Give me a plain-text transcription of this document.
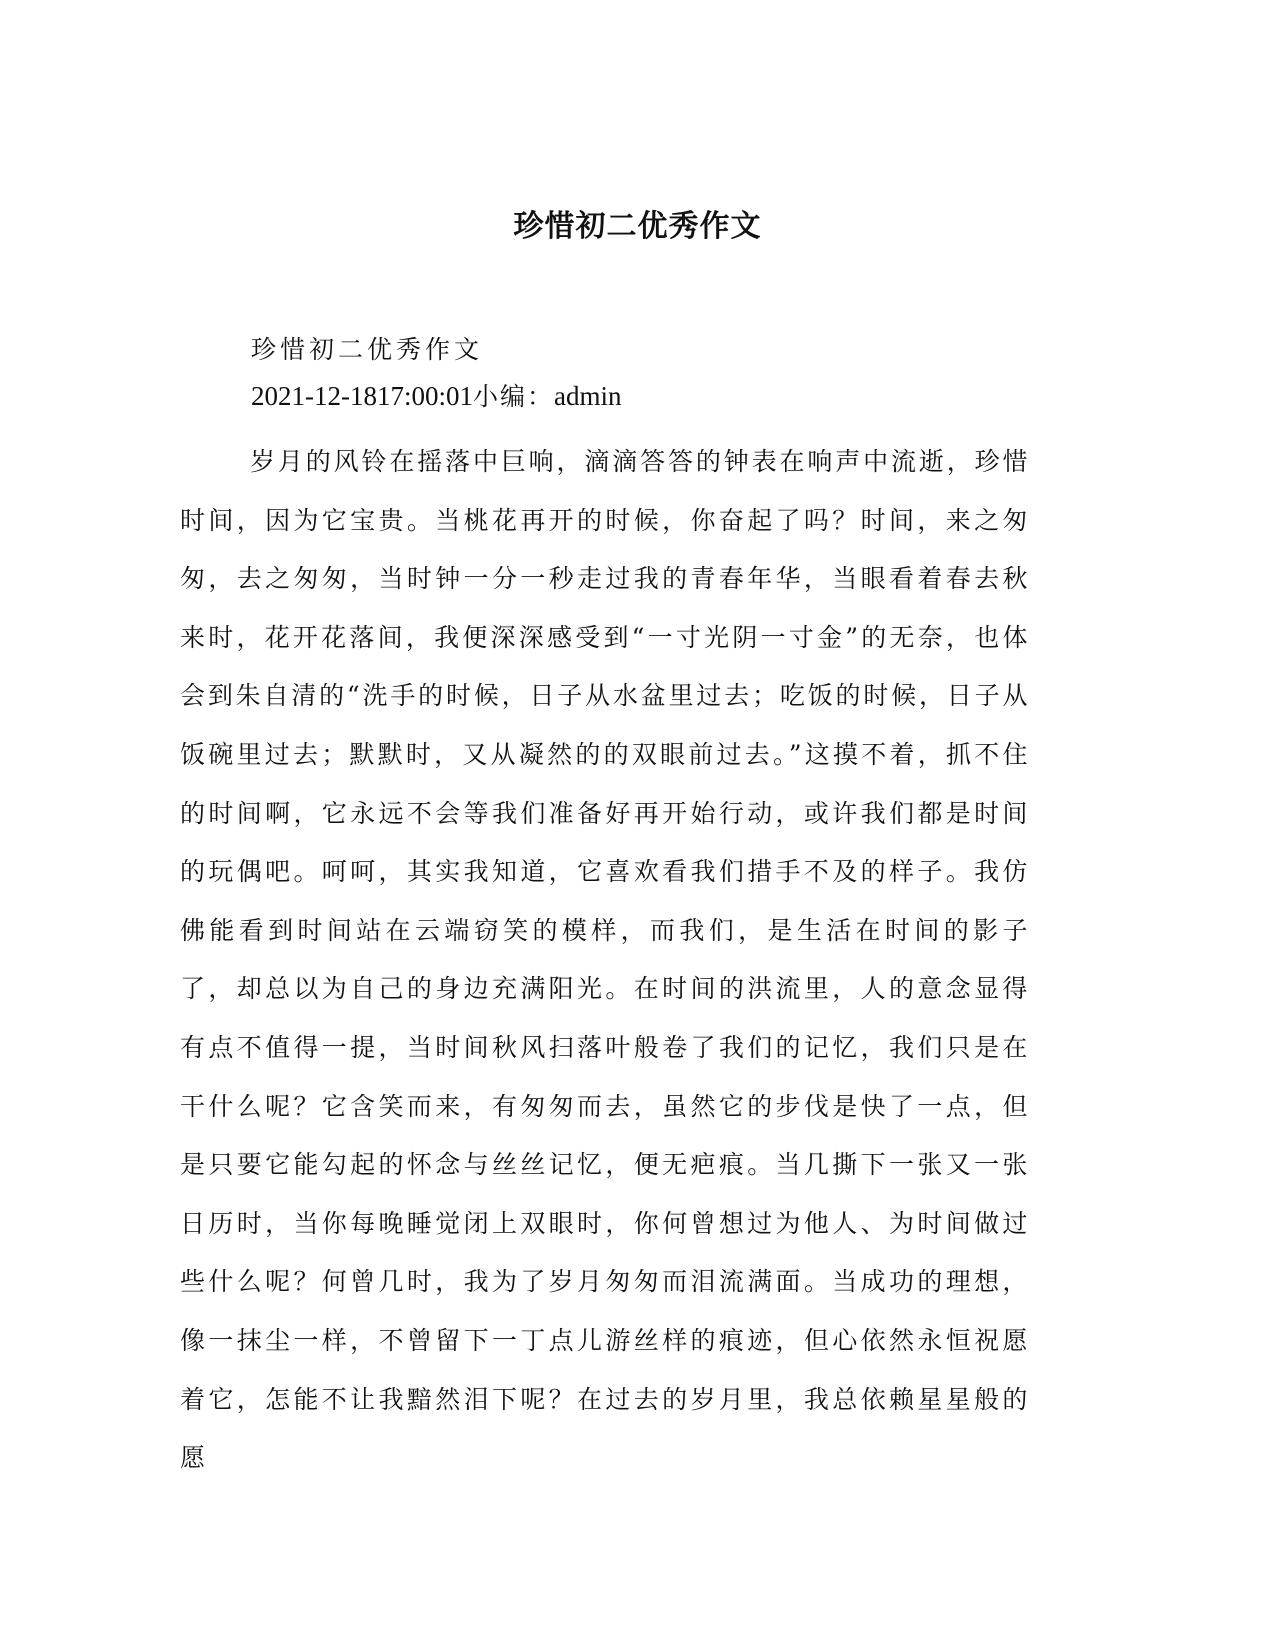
珍惜初二优秀作文

珍惜初二优秀作文

2021-12-1817:00:01小编：admin

岁月的风铃在摇落中巨响，滴滴答答的钟表在响声中流逝，珍惜时间，因为它宝贵。当桃花再开的时候，你奋起了吗？时间，来之匆匆，去之匆匆，当时钟一分一秒走过我的青春年华，当眼看着春去秋来时，花开花落间，我便深深感受到“一寸光阴一寸金”的无奈，也体会到朱自清的“洗手的时候，日子从水盆里过去；吃饭的时候，日子从饭碗里过去；默默时，又从凝然的的双眼前过去。”这摸不着，抓不住的时间啊，它永远不会等我们准备好再开始行动，或许我们都是时间的玩偶吧。呵呵，其实我知道，它喜欢看我们措手不及的样子。我仿佛能看到时间站在云端窃笑的模样，而我们，是生活在时间的影子了，却总以为自己的身边充满阳光。在时间的洪流里，人的意念显得有点不值得一提，当时间秋风扫落叶般卷了我们的记忆，我们只是在干什么呢？它含笑而来，有匆匆而去，虽然它的步伐是快了一点，但是只要它能勾起的怀念与丝丝记忆，便无疤痕。当几撕下一张又一张日历时，当你每晚睡觉闭上双眼时，你何曾想过为他人、为时间做过些什么呢？何曾几时，我为了岁月匆匆而泪流满面。当成功的理想，像一抹尘一样，不曾留下一丁点儿游丝样的痕迹，但心依然永恒祝愿着它，怎能不让我黯然泪下呢？在过去的岁月里，我总依赖星星般的愿
